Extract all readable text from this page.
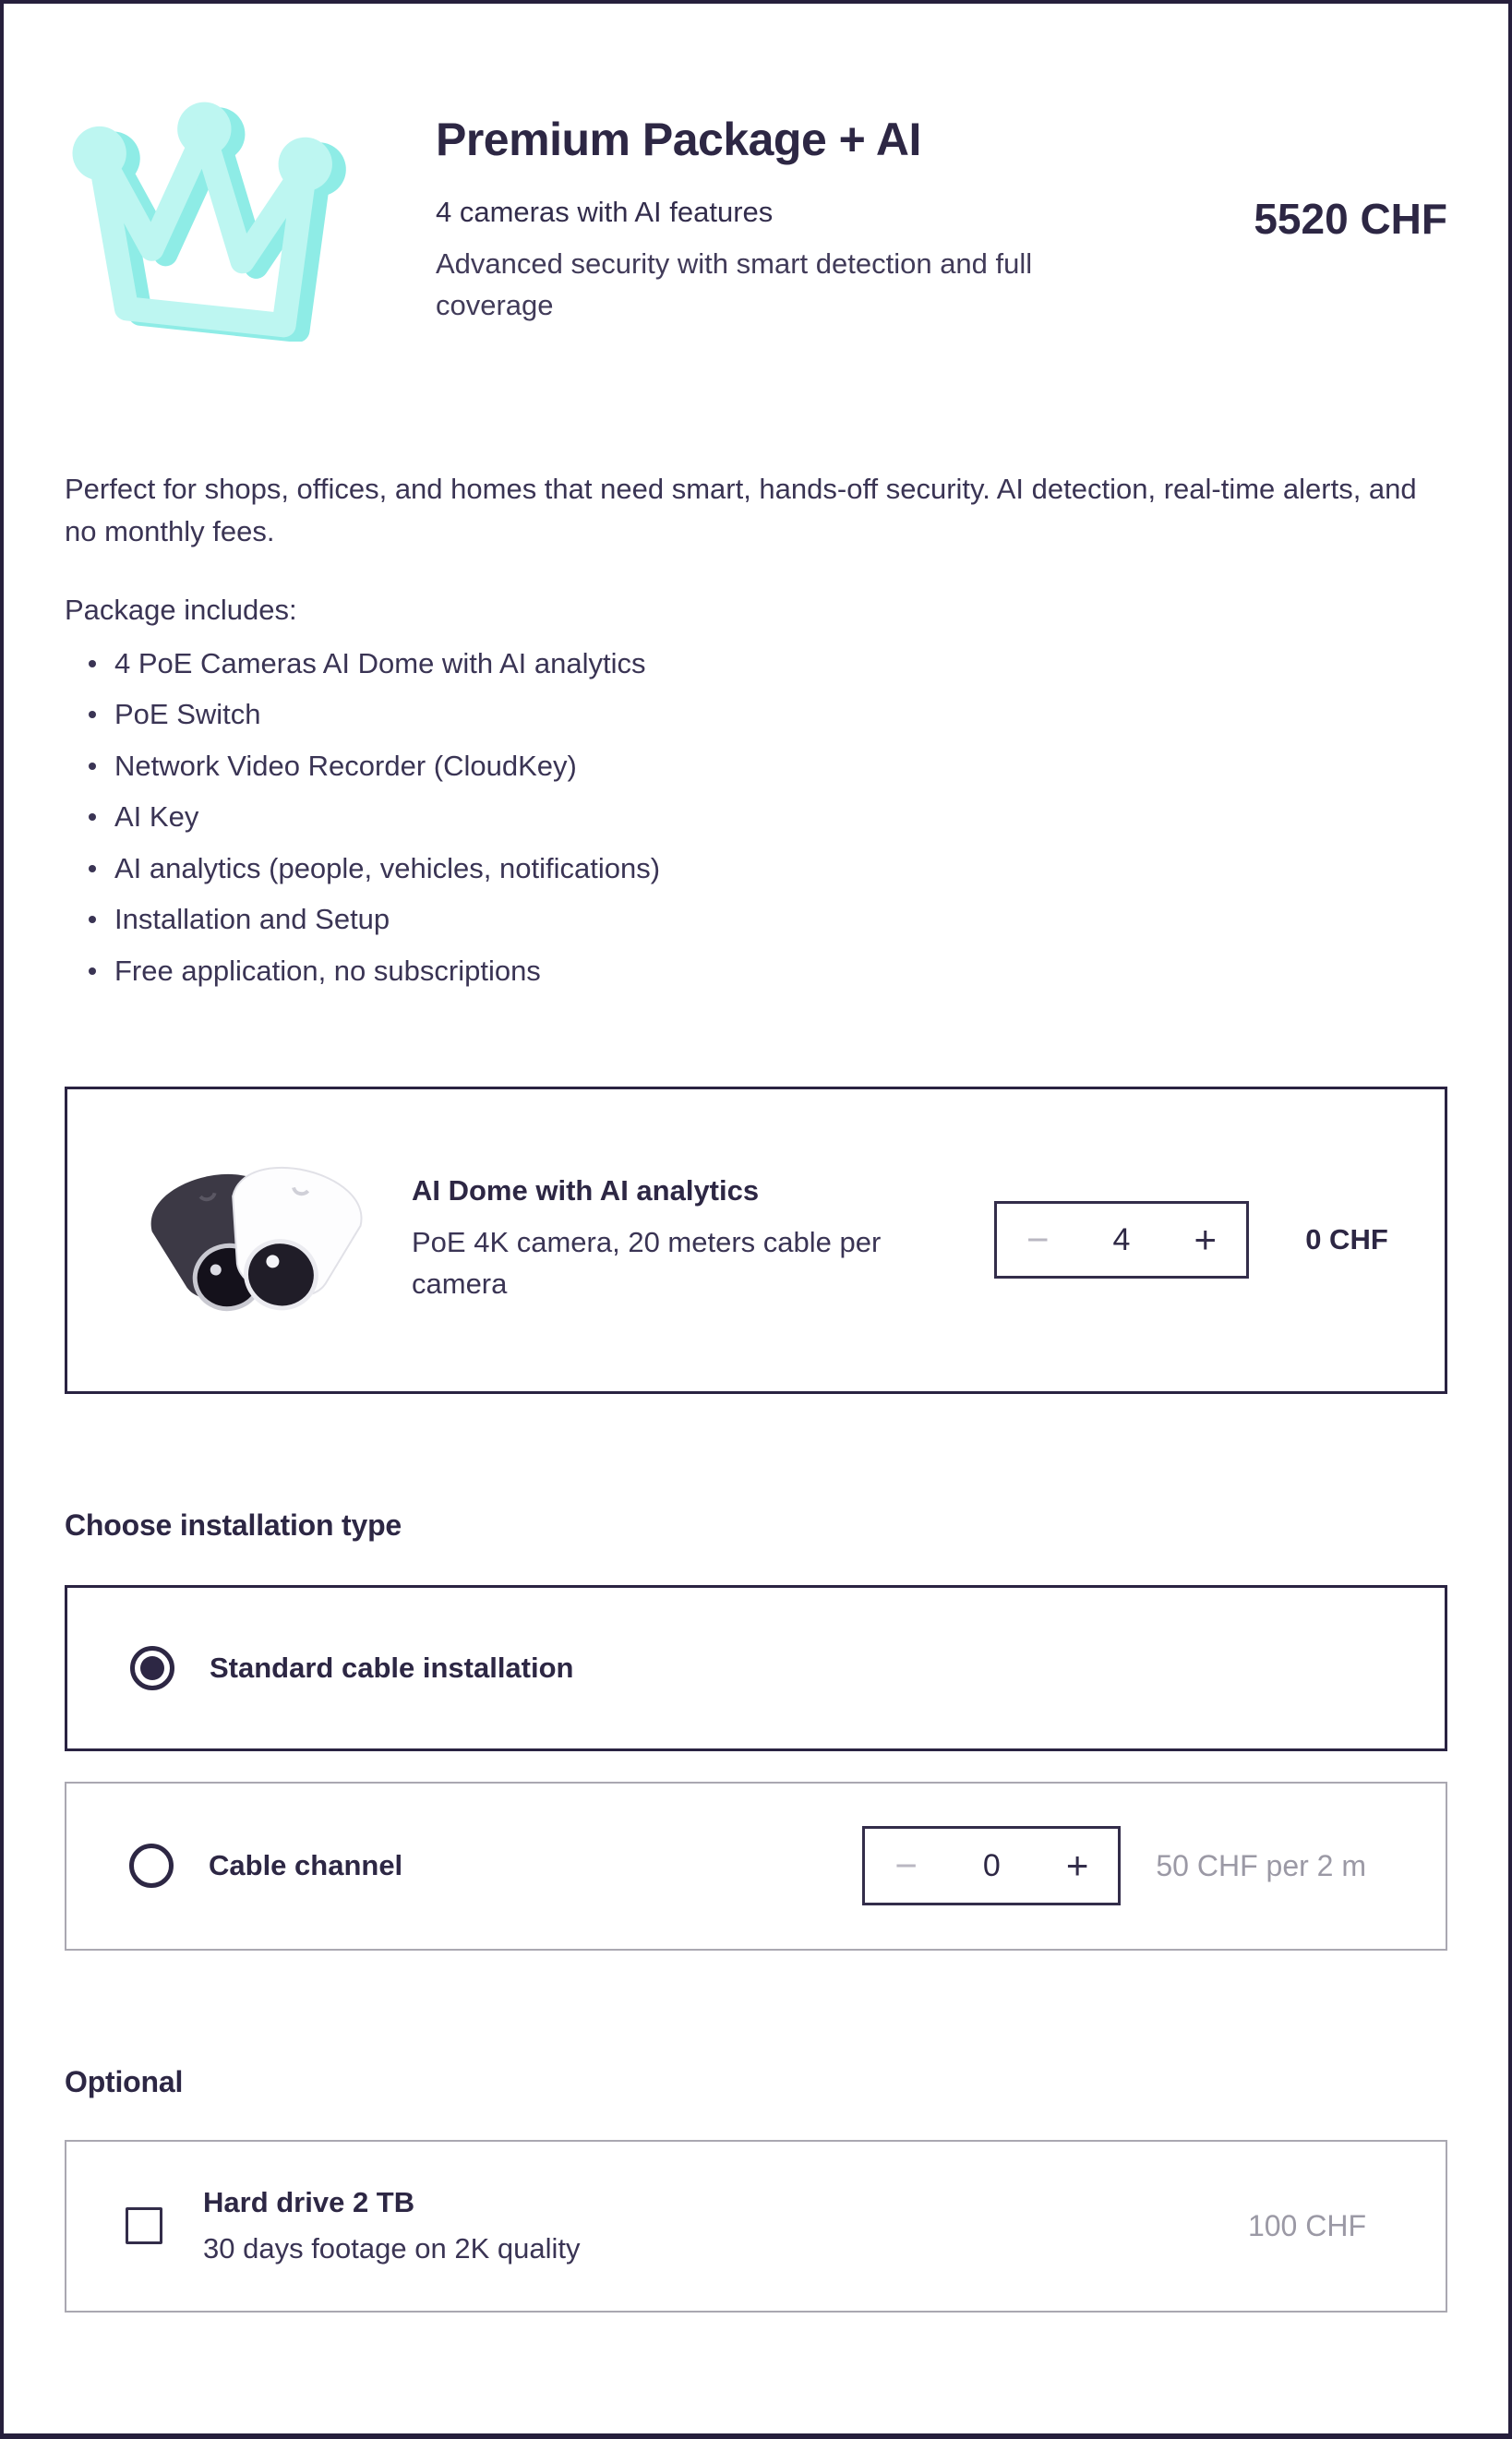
Premium Package + AI

4 cameras with AI features

Advanced security with smart detection and full coverage

5520 CHF

Perfect for shops, offices, and homes that need smart, hands-off security. AI detection, real-time alerts, and no monthly fees.

Package includes:

4 PoE Cameras AI Dome with AI analytics
PoE Switch
Network Video Recorder (CloudKey)
AI Key
AI analytics (people, vehicles, notifications)
Installation and Setup
Free application, no subscriptions
AI Dome with AI analytics

PoE 4K camera, 20 meters cable per camera

− 4 +	0 CHF
Choose installation type
Standard cable installation
Cable channel	− 0 + 50 CHF per 2 m
Optional
Hard drive 2 TB

30 days footage on 2K quality

100 CHF
